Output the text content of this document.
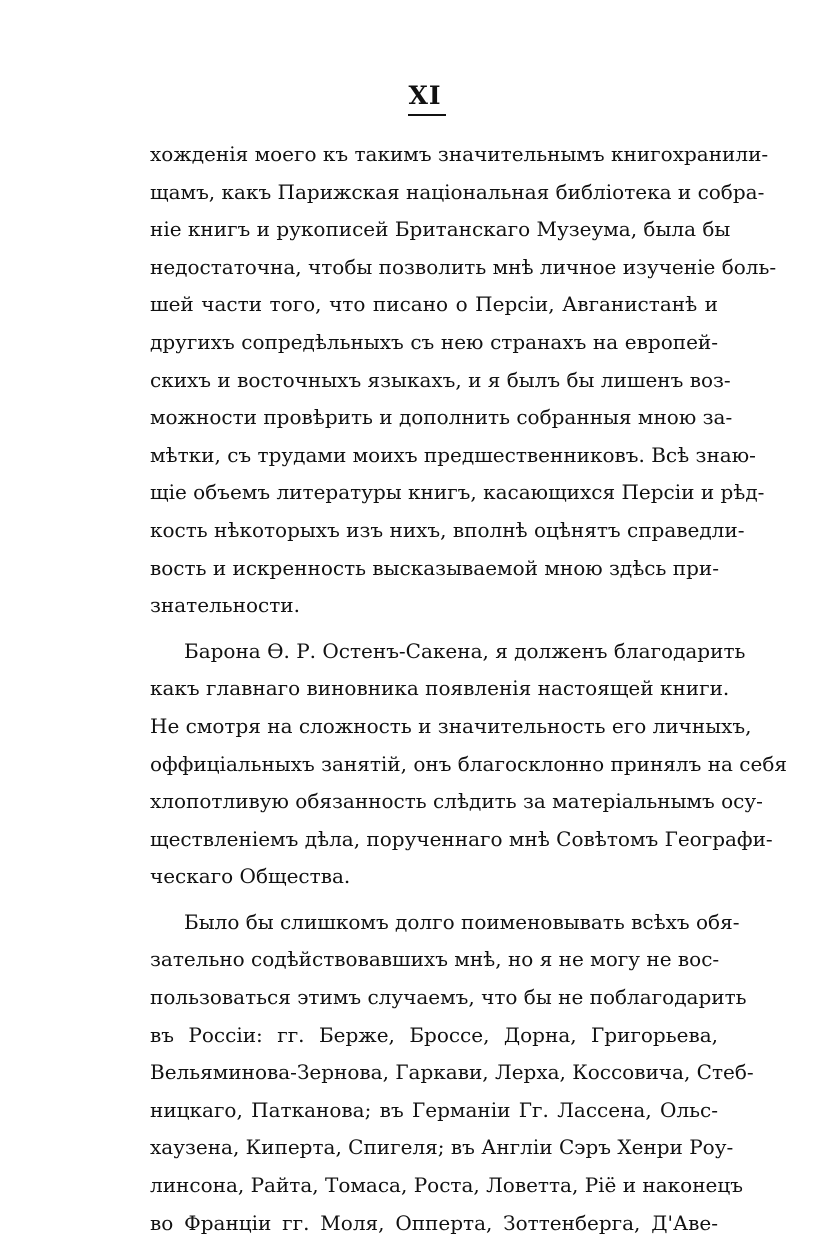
XI
хожденія моего къ такимъ значительнымъ книгохранили-
щамъ, какъ Парижская національная библіотека и собра-
ніе книгъ и рукописей Британскаго Музеума, была бы
недостаточна, чтобы позволить мнѣ личное изученіе боль-
шей части того, что писано о Персіи, Авганистанѣ и
другихъ сопредѣльныхъ съ нею странахъ на европей-
скихъ и восточныхъ языкахъ, и я былъ бы лишенъ воз-
можности провѣрить и дополнить собранныя мною за-
мѣтки, съ трудами моихъ предшественниковъ. Всѣ знаю-
щіе объемъ литературы книгъ, касающихся Персіи и рѣд-
кость нѣкоторыхъ изъ нихъ, вполнѣ оцѣнятъ справедли-
вость и искренность высказываемой мною здѣсь при-
знательности.
Барона Ѳ. Р. Остенъ-Сакена, я долженъ благодарить
какъ главнаго виновника появленія настоящей книги.
Не смотря на сложность и значительность его личныхъ,
оффиціальныхъ занятій, онъ благосклонно принялъ на себя
хлопотливую обязанность слѣдить за матеріальнымъ осу-
ществленіемъ дѣла, порученнаго мнѣ Совѣтомъ Географи-
ческаго Общества.
Было бы слишкомъ долго поименовывать всѣхъ обя-
зательно содѣйствовавшихъ мнѣ, но я не могу не вос-
пользоваться этимъ случаемъ, что бы не поблагодарить
въ Россіи: гг. Берже, Броссе, Дорна, Григорьева,
Вельяминова-Зернова, Гаркави, Лерха, Коссовича, Стеб-
ницкаго, Патканова; въ Германіи Гг. Лассена, Ольс-
хаузена, Киперта, Спигеля; въ Англіи Сэръ Хенри Роу-
линсона, Райта, Томаса, Роста, Ловетта, Ріё и наконецъ
во Франціи гг. Моля, Опперта, Зоттенберга, Д'Аве-
